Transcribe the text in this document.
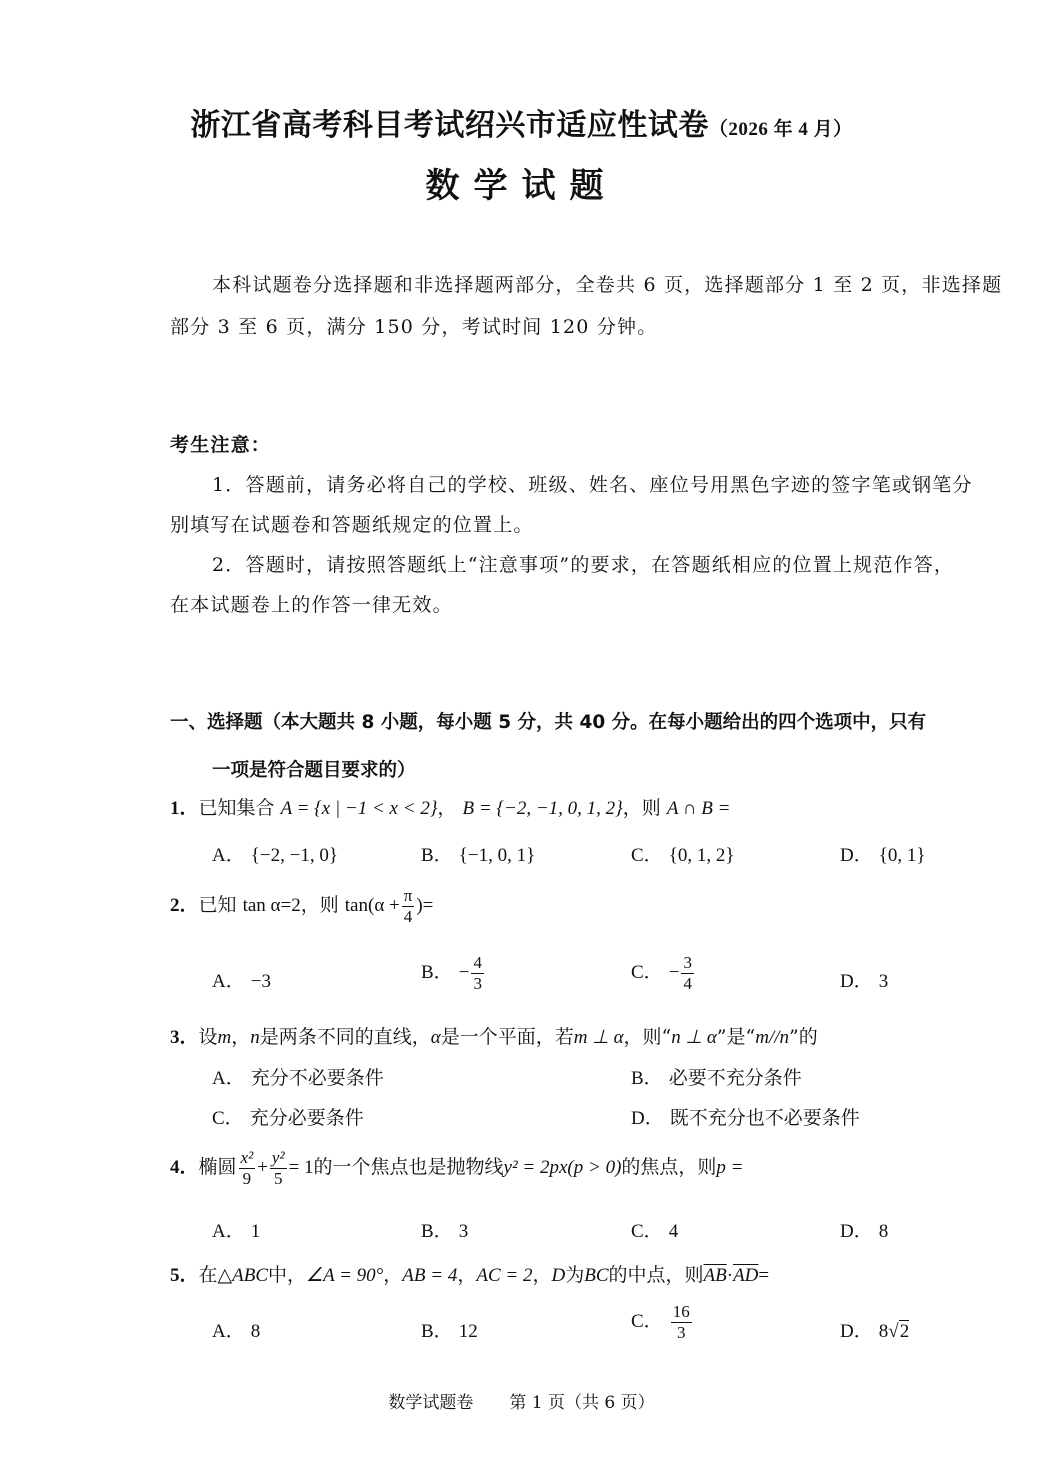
浙江省高考科目考试绍兴市适应性试卷（2026 年 4 月）
数学试题
本科试题卷分选择题和非选择题两部分，全卷共 6 页，选择题部分 1 至 2 页，非选择题
部分 3 至 6 页，满分 150 分，考试时间 120 分钟。
考生注意：
1．答题前，请务必将自己的学校、班级、姓名、座位号用黑色字迹的签字笔或钢笔分
别填写在试题卷和答题纸规定的位置上。
2．答题时，请按照答题纸上“注意事项”的要求，在答题纸相应的位置上规范作答，
在本试题卷上的作答一律无效。
一、选择题（本大题共 8 小题，每小题 5 分，共 40 分。在每小题给出的四个选项中，只有
一项是符合题目要求的）
1．已知集合 A = {x | −1 < x < 2}， B = {−2, −1, 0, 1, 2}，则 A ∩ B =
A． {−2, −1, 0}	B． {−1, 0, 1}	C． {0, 1, 2}	D． {0, 1}
2．已知 tan α=2，则 $\tan(\alpha + \frac{\pi}{4}$ )=
A． −3	B． − $\frac{4}{3}$	C． − $\frac{3}{4}$	D． 3
3．设m，n是两条不同的直线，α是一个平面，若m ⊥ α，则“n ⊥ α”是“m//n”的
A． 充分不必要条件	B． 必要不充分条件
C． 充分必要条件	D． 既不充分也不必要条件
4．椭圆 $\frac{\text{x²}}{9} + \frac{\text{y²}}{5} = 1$的一个焦点也是抛物线y² = 2px(p > 0)的焦点，则p =
A． 1	B． 3	C． 4	D． 8
5．在△ABC中，∠A = 90°，AB = 4，AC = 2，D为BC的中点，则$\overline{AB}\cdot\overline{AD}=$
A． 8	B． 12	C． $\frac{16}{3}$	D． 8√2
数学试题卷 第 1 页（共 6 页）
